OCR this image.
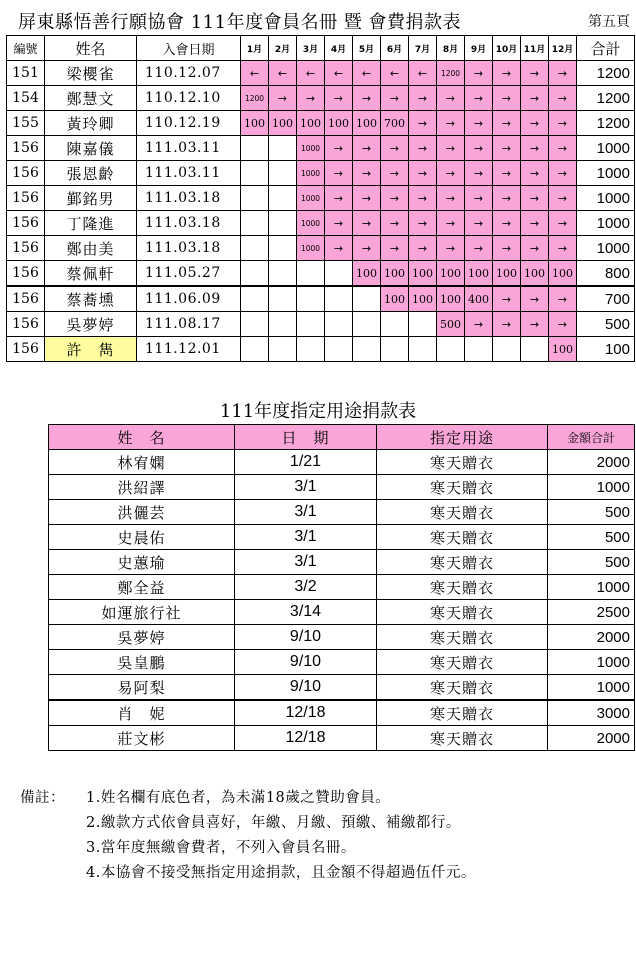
屏東縣悟善行願協會 111年度會員名冊 暨 會費捐款表	第五頁
編號	姓名	入會日期	1月	2月	3月	4月	5月	6月	7月	8月	9月	10月	11月	12月	合計
151	梁櫻雀	110.12.07	←	←	←	←	←	←	←	1200	→	→	→	→	1200
154	鄭慧文	110.12.10	1200	→	→	→	→	→	→	→	→	→	→	→	1200
155	黃玲卿	110.12.19	100	100	100	100	100	700	→	→	→	→	→	→	1200
156	陳嘉儀	111.03.11			1000	→	→	→	→	→	→	→	→	→	1000
156	張恩齡	111.03.11			1000	→	→	→	→	→	→	→	→	→	1000
156	鄞銘男	111.03.18			1000	→	→	→	→	→	→	→	→	→	1000
156	丁隆進	111.03.18			1000	→	→	→	→	→	→	→	→	→	1000
156	鄭由美	111.03.18			1000	→	→	→	→	→	→	→	→	→	1000
156	蔡佩軒	111.05.27					100	100	100	100	100	100	100	100	800
156	蔡蕎壎	111.06.09						100	100	100	400	→	→	→	700
156	吳夢婷	111.08.17								500	→	→	→	→	500
156	許　雋	111.12.01												100	100
111年度指定用途捐款表
姓　名	日　期	指定用途	金額合計
林宥嫻	1/21	寒天贈衣	2000
洪紹譯	3/1	寒天贈衣	1000
洪儷芸	3/1	寒天贈衣	500
史晨佑	3/1	寒天贈衣	500
史蕙瑜	3/1	寒天贈衣	500
鄭全益	3/2	寒天贈衣	1000
如運旅行社	3/14	寒天贈衣	2500
吳夢婷	9/10	寒天贈衣	2000
吳皇鵬	9/10	寒天贈衣	1000
易阿梨	9/10	寒天贈衣	1000
肖　妮	12/18	寒天贈衣	3000
莊文彬	12/18	寒天贈衣	2000
備註： 1.姓名欄有底色者，為未滿18歲之贊助會員。
2.繳款方式依會員喜好，年繳、月繳、預繳、補繳都行。
3.當年度無繳會費者，不列入會員名冊。
4.本協會不接受無指定用途捐款，且金額不得超過伍仟元。
